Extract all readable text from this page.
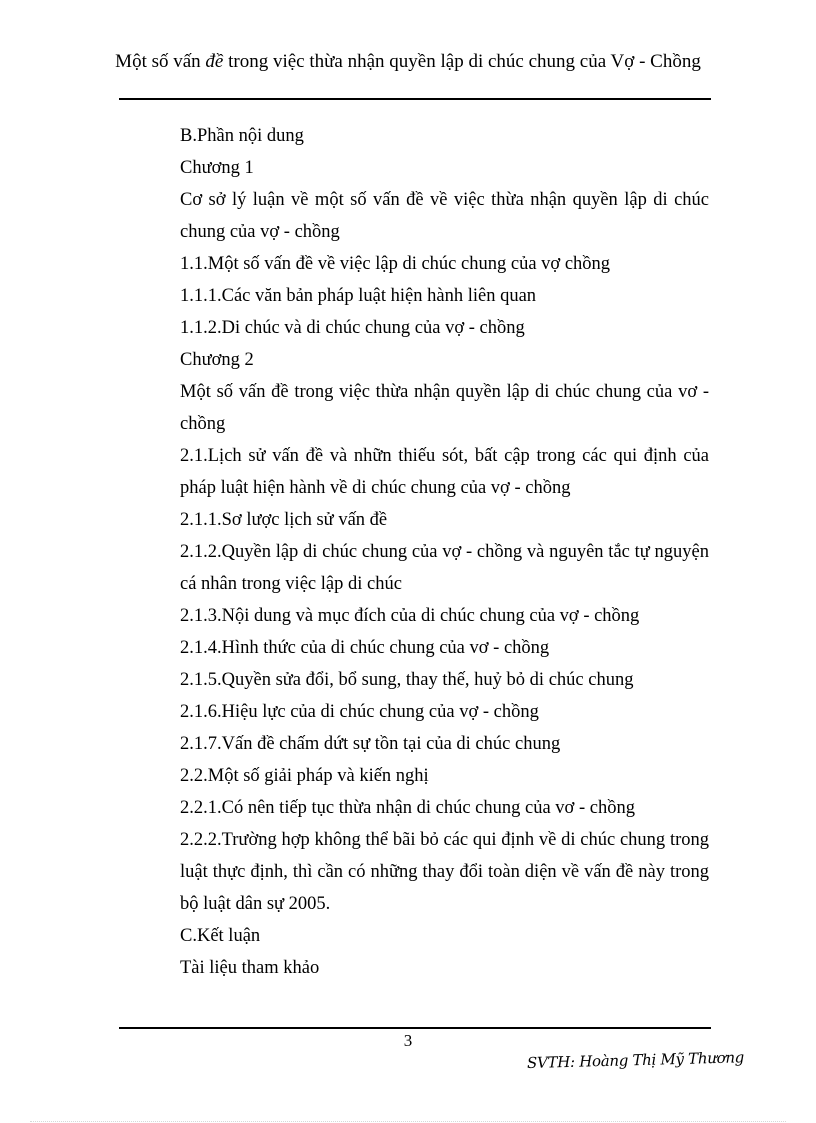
Một số vấn đề trong việc thừa nhận quyền lập di chúc chung của Vợ - Chồng
B.Phần nội dung
Chương 1
Cơ sở lý luận về một số vấn đề về việc thừa nhận quyền lập di chúc chung của vợ - chồng
1.1.Một số vấn đề về việc lập di chúc chung của vợ chồng
1.1.1.Các văn bản pháp luật hiện hành liên quan
1.1.2.Di chúc và di chúc chung của vợ - chồng
Chương 2
Một số vấn đề trong việc thừa nhận quyền lập di chúc chung của vơ - chồng
2.1.Lịch sử vấn đề và nhữn thiếu sót, bất cập trong các qui định của pháp luật hiện hành về di chúc chung của vợ - chồng
2.1.1.Sơ lược lịch sử vấn đề
2.1.2.Quyền lập di chúc chung của vợ - chồng và nguyên tắc tự nguyện cá nhân trong việc lập di chúc
2.1.3.Nội dung và mục đích của di chúc chung của vợ - chồng
2.1.4.Hình thức của di chúc chung của vơ - chồng
2.1.5.Quyền sửa đổi, bổ sung, thay thế, huỷ bỏ di chúc chung
2.1.6.Hiệu lực của di chúc chung của vợ - chồng
2.1.7.Vấn đề chấm dứt sự tồn tại của di chúc chung
2.2.Một số giải pháp và kiến nghị
2.2.1.Có nên tiếp tục thừa nhận di chúc chung của vơ - chồng
2.2.2.Trường hợp không thể bãi bỏ các qui định về di chúc chung trong luật thực định, thì cần có những thay đổi toàn diện về vấn đề này trong bộ luật dân sự 2005.
C.Kết luận
Tài liệu tham khảo
3
SVTH: Hoàng Thị Mỹ Thương
